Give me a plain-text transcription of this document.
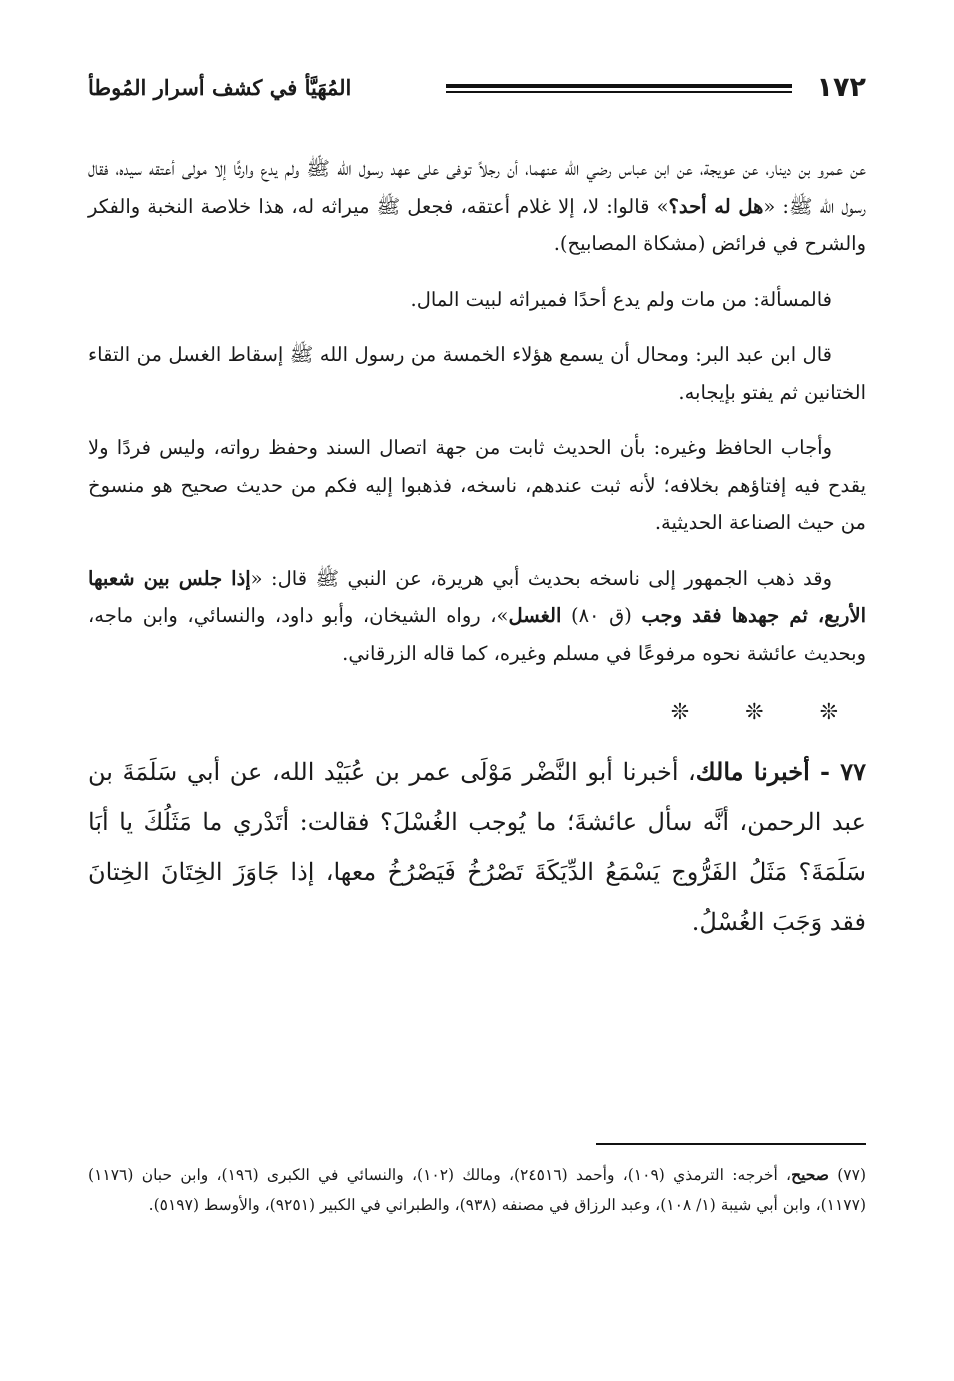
١٧٢
المُهَيَّأ في كشف أسرار المُوطأ

عن عمرو بن دينار، عن عويجة، عن ابن عباس رضي الله عنهما، أن رجلاً توفى على عهد رسول الله ﷺ ولم يدع وارثًا إلا مولى أعتقه سيده، فقال رسول الله ﷺ: «هل له أحد؟» قالوا: لا، إلا غلام أعتقه، فجعل ﷺ ميراثه له، هذا خلاصة النخبة والفكر والشرح في فرائض (مشكاة المصابيح).

فالمسألة: من مات ولم يدع أحدًا فميراثه لبيت المال.

قال ابن عبد البر: ومحال أن يسمع هؤلاء الخمسة من رسول الله ﷺ إسقاط الغسل من التقاء الختانين ثم يفتو بإيجابه.

وأجاب الحافظ وغيره: بأن الحديث ثابت من جهة اتصال السند وحفظ رواته، وليس فردًا ولا يقدح فيه إفتاؤهم بخلافه؛ لأنه ثبت عندهم، ناسخه، فذهبوا إليه فكم من حديث صحيح هو منسوخ من حيث الصناعة الحديثية.

وقد ذهب الجمهور إلى ناسخه بحديث أبي هريرة، عن النبي ﷺ قال: «إذا جلس بين شعبها الأربع، ثم جهدها فقد وجب (ق ٨٠) الغسل»، رواه الشيخان، وأبو داود، والنسائي، وابن ماجه، وبحديث عائشة نحوه مرفوعًا في مسلم وغيره، كما قاله الزرقاني.

❊	❊	❊

٧٧ - أخبرنا مالك، أخبرنا أبو النَّضْر مَوْلَى عمر بن عُبَيْد الله، عن أبي سَلَمَةَ بن عبد الرحمن، أنَّه سأل عائشةَ؛ ما يُوجب الغُسْلَ؟ فقالت: أتَدْري ما مَثَلُكَ يا أبَا سَلَمَةَ؟ مَثَلُ الفَرُّوج يَسْمَعُ الدِّيَكَةَ تَصْرُخُ فَيَصْرُخُ معها، إذا جَاوَزَ الخِتَانَ الخِتانَ فقد وَجَبَ الغُسْلُ.

(٧٧) صحيح، أخرجه: الترمذي (١٠٩)، وأحمد (٢٤٥١٦)، ومالك (١٠٢)، والنسائي في الكبرى (١٩٦)، وابن حبان (١١٧٦) (١١٧٧)، وابن أبي شيبة (١/ ١٠٨)، وعبد الرزاق في مصنفه (٩٣٨)، والطبراني في الكبير (٩٢٥١)، والأوسط (٥١٩٧).
